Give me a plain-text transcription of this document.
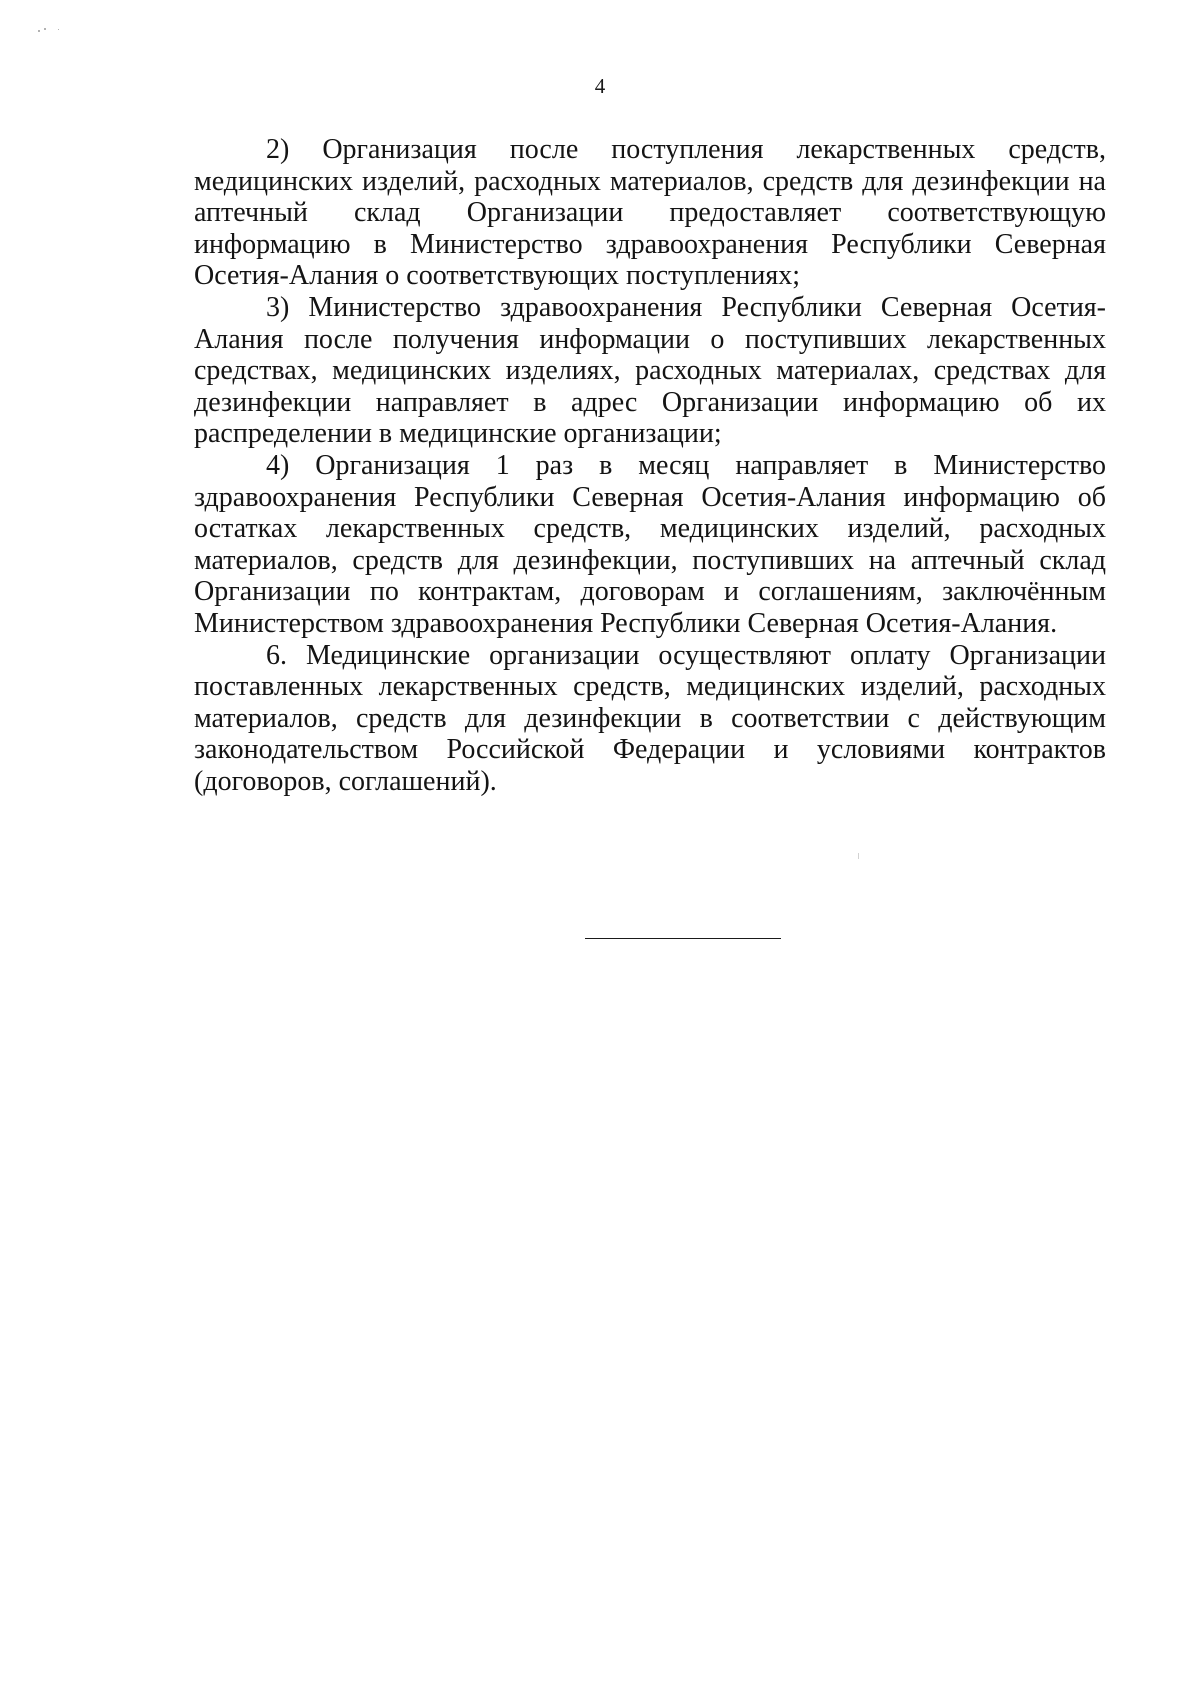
4

2) Организация после поступления лекарственных средств, медицинских изделий, расходных материалов, средств для дезинфекции на аптечный склад Организации предоставляет соответствующую информацию в Министерство здравоохранения Республики Северная Осетия-Алания о соответствующих поступлениях;

3) Министерство здравоохранения Республики Северная Осетия-Алания после получения информации о поступивших лекарственных средствах, медицинских изделиях, расходных материалах, средствах для дезинфекции направляет в адрес Организации информацию об их распределении в медицинские организации;

4) Организация 1 раз в месяц направляет в Министерство здравоохранения Республики Северная Осетия-Алания информацию об остатках лекарственных средств, медицинских изделий, расходных материалов, средств для дезинфекции, поступивших на аптечный склад Организации по контрактам, договорам и соглашениям, заключённым Министерством здравоохранения Республики Северная Осетия-Алания.

6. Медицинские организации осуществляют оплату Организации поставленных лекарственных средств, медицинских изделий, расходных материалов, средств для дезинфекции в соответствии с действующим законодательством Российской Федерации и условиями контрактов (договоров, соглашений).
